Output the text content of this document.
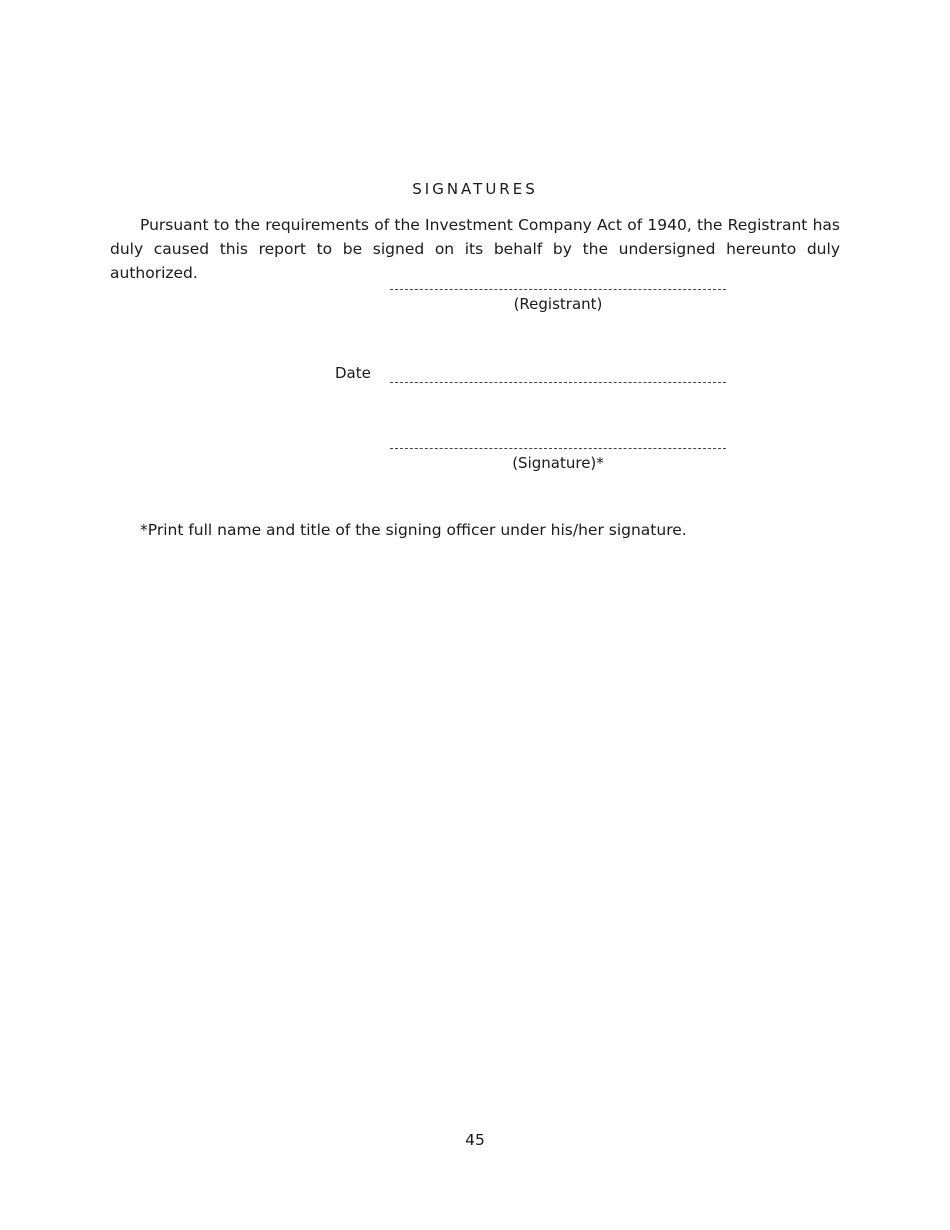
SIGNATURES
Pursuant to the requirements of the Investment Company Act of 1940, the Registrant has duly caused this report to be signed on its behalf by the undersigned hereunto duly authorized.
(Registrant)
Date
(Signature)*
*Print full name and title of the signing officer under his/her signature.
45
